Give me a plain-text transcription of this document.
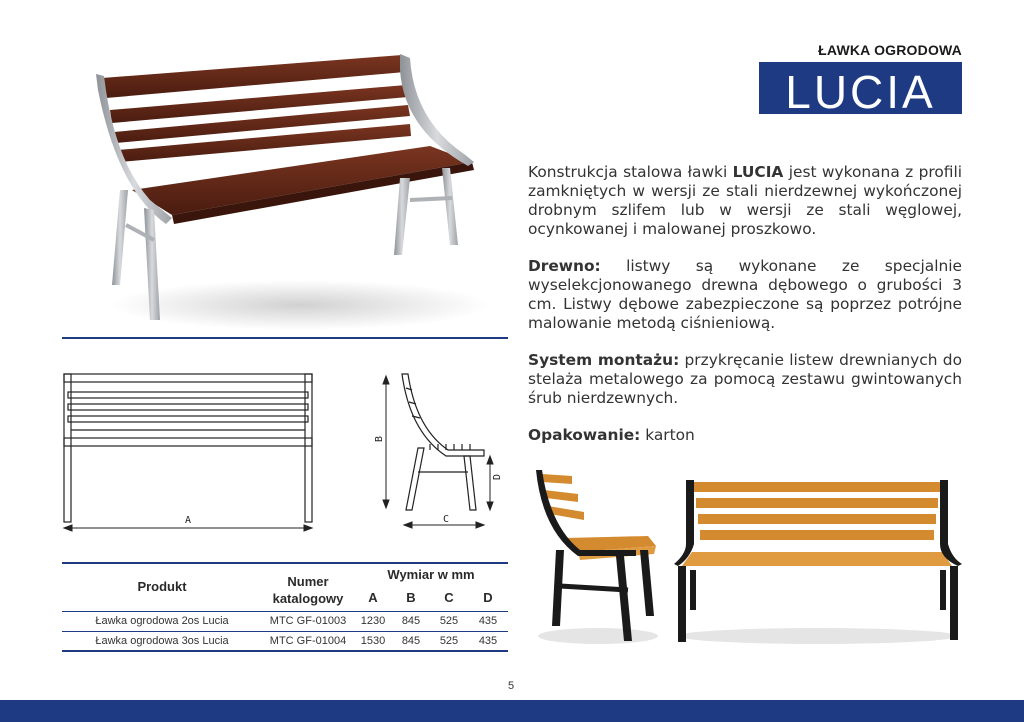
ŁAWKA OGRODOWA
LUCIA
A
B
D
C
Produkt	Numer katalogowy	Wymiar w mm			
		A	B	C	D
Ławka ogrodowa 2os Lucia	MTC GF-01003	1230	845	525	435
Ławka ogrodowa 3os Lucia	MTC GF-01004	1530	845	525	435

Konstrukcja stalowa ławki LUCIA jest wykonana z profili zamkniętych w wersji ze stali nierdzewnej wykończonej drobnym szlifem lub w wersji ze stali węglowej, ocynkowanej i malowanej proszkowo.

Drewno: listwy są wykonane ze specjalnie wyselekcjonowanego drewna dębowego o grubości 3 cm. Listwy dębowe zabezpieczone są poprzez potrójne malowanie metodą ciśnieniową.

System montażu: przykręcanie listew drewnianych do stelaża metalowego za pomocą zestawu gwintowanych śrub nierdzewnych.

Opakowanie: karton

5
